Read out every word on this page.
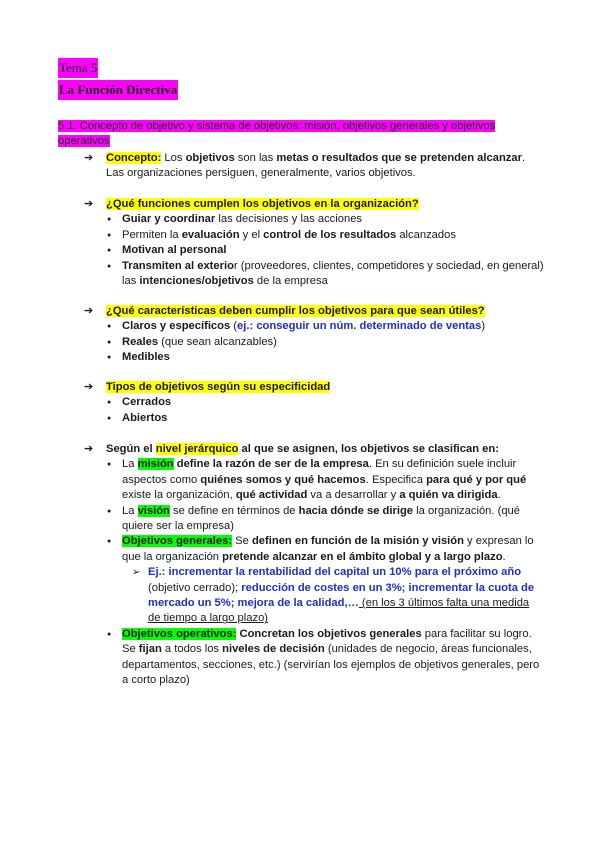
Tema 5
La Función Directiva
5.1. Concepto de objetivo y sistema de objetivos: misión, objetivos generales y objetivos operativos
➔ Concepto: Los objetivos son las metas o resultados que se pretenden alcanzar. Las organizaciones persiguen, generalmente, varios objetivos.
➔ ¿Qué funciones cumplen los objetivos en la organización?
● Guiar y coordinar las decisiones y las acciones
● Permiten la evaluación y el control de los resultados alcanzados
● Motivan al personal
● Transmiten al exterior (proveedores, clientes, competidores y sociedad, en general) las intenciones/objetivos de la empresa
➔ ¿Qué características deben cumplir los objetivos para que sean útiles?
● Claros y específicos (ej.: conseguir un núm. determinado de ventas)
● Reales (que sean alcanzables)
● Medibles
➔ Tipos de objetivos según su especificidad
● Cerrados
● Abiertos
➔ Según el nivel jerárquico al que se asignen, los objetivos se clasifican en:
● La misión define la razón de ser de la empresa. En su definición suele incluir aspectos como quiénes somos y qué hacemos. Especifica para qué y por qué existe la organización, qué actividad va a desarrollar y a quién va dirigida.
● La visión se define en términos de hacia dónde se dirige la organización. (qué quiere ser la empresa)
● Objetivos generales: Se definen en función de la misión y visión y expresan lo que la organización pretende alcanzar en el ámbito global y a largo plazo.
➢ Ej.: incrementar la rentabilidad del capital un 10% para el próximo año (objetivo cerrado); reducción de costes en un 3%; incrementar la cuota de mercado un 5%; mejora de la calidad,… (en los 3 últimos falta una medida de tiempo a largo plazo)
● Objetivos operativos: Concretan los objetivos generales para facilitar su logro. Se fijan a todos los niveles de decisión (unidades de negocio, áreas funcionales, departamentos, secciones, etc.) (servirían los ejemplos de objetivos generales, pero a corto plazo)
